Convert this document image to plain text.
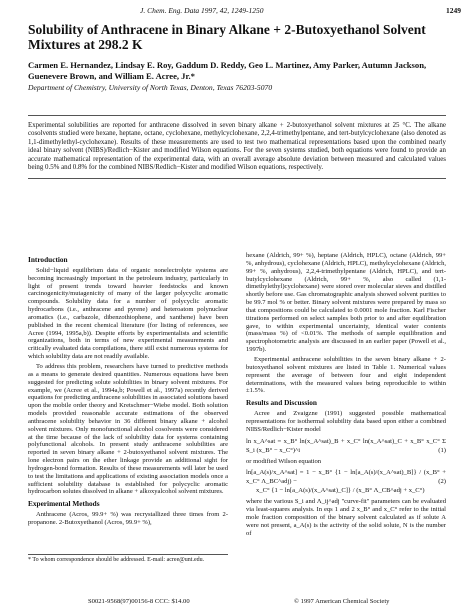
J. Chem. Eng. Data 1997, 42, 1249-1250	1249
Solubility of Anthracene in Binary Alkane + 2-Butoxyethanol Solvent Mixtures at 298.2 K
Carmen E. Hernandez, Lindsay E. Roy, Gaddum D. Reddy, Geo L. Martinez, Amy Parker, Autumn Jackson, Guenevere Brown, and William E. Acree, Jr.*
Department of Chemistry, University of North Texas, Denton, Texas 76203-5070
Experimental solubilities are reported for anthracene dissolved in seven binary alkane + 2-butoxyethanol solvent mixtures at 25 °C. The alkane cosolvents studied were hexane, heptane, octane, cyclohexane, methylcyclohexane, 2,2,4-trimethylpentane, and tert-butylcyclohexane (also denoted as 1,1-dimethylethyl-cyclohexane). Results of these measurements are used to test two mathematical representations based upon the combined nearly ideal binary solvent (NIBS)/Redlich−Kister and modified Wilson equations. For the seven systems studied, both equations were found to provide an accurate mathematical representation of the experimental data, with an overall average absolute deviation between measured and calculated values being 0.5% and 0.8% for the combined NIBS/Redlich−Kister and modified Wilson equations, respectively.
Introduction

Solid−liquid equilibrium data of organic nonelectrolyte systems are becoming increasingly important in the petroleum industry, particularly in light of present trends toward heavier feedstocks and known carcinogenicity/mutagenicity of many of the larger polycyclic aromatic compounds. Solubility data for a number of polycyclic aromatic hydrocarbons (i.e., anthracene and pyrene) and heteroatom polynuclear aromatics (i.e., carbazole, dibenzothiophene, and xanthene) have been published in the recent chemical literature (for listing of references, see Acree (1994, 1995a,b)). Despite efforts by experimentalists and scientific organizations, both in terms of new experimental measurements and critically evaluated data compilations, there still exist numerous systems for which solubility data are not readily available.

To address this problem, researchers have turned to predictive methods as a means to generate desired quantities. Numerous equations have been suggested for predicting solute solubilities in binary solvent mixtures. For example, we (Acree et al., 1994a,b; Powell et al., 1997a) recently derived equations for predicting anthracene solubilities in associated solutions based upon the mobile order theory and Kretschmer−Wiebe model. Both solution models provided reasonable accurate estimations of the observed anthracene solubility behavior in 36 different binary alkane + alcohol solvent mixtures. Only monofunctional alcohol cosolvents were considered at the time because of the lack of solubility data for systems containing polyfunctional alcohols. In present study anthracene solubilities are reported in seven binary alkane + 2-butoxyethanol solvent mixtures. The lone electron pairs on the ether linkage provide an additional sight for hydrogen-bond formation. Results of these measurements will later be used to test the limitations and applications of existing association models once a sufficient solubility database is established for polycyclic aromatic hydrocarbon solutes dissolved in alkane + alkoxyalcohol solvent mixtures.

Experimental Methods

Anthracene (Acros, 99.9+ %) was recrystallized three times from 2-propanone. 2-Butoxyethanol (Acros, 99.9+ %),

* To whom correspondence should be addressed. E-mail: acree@unt.edu.

hexane (Aldrich, 99+ %), heptane (Aldrich, HPLC), octane (Aldrich, 99+ %, anhydrous), cyclohexane (Aldrich, HPLC), methylcyclohexane (Aldrich, 99+ %, anhydrous), 2,2,4-trimethylpentane (Aldrich, HPLC), and tert-butylcyclohexane (Aldrich, 99+ %, also called (1,1-dimethylethyl)cyclohexane) were stored over molecular sieves and distilled shortly before use. Gas chromatographic analysis showed solvent purities to be 99.7 mol % or better. Binary solvent mixtures were prepared by mass so that compositions could be calculated to 0.0001 mole fraction. Karl Fischer titrations performed on select samples both prior to and after equilibration gave, to within experimental uncertainty, identical water contents (mass/mass %) of <0.01%. The methods of sample equilibration and spectrophotometric analysis are discussed in an earlier paper (Powell et al., 1997b).

Experimental anthracene solubilities in the seven binary alkane + 2-butoxyethanol solvent mixtures are listed in Table 1. Numerical values represent the average of between four and eight independent determinations, with the measured values being reproducible to within ±1.5%.

Results and Discussion

Acree and Zvaigzne (1991) suggested possible mathematical representations for isothermal solubility data based upon either a combined NIBS/Redlich−Kister model

ln x_A^sat = x_B° ln(x_A^sat)_B + x_C° ln(x_A^sat)_C + x_B° x_C° Σ S_i (x_B° − x_C°)^i	(1)

or modified Wilson equation

ln[a_A(s)/x_A^sat] = 1 − x_B° {1 − ln[a_A(s)/(x_A^sat)_B]} / (x_B° + x_C° Λ_BC^adj) −
x_C° {1 − ln[a_A(s)/(x_A^sat)_C]} / (x_B° Λ_CB^adj + x_C°)
(2)

where the various S_i and Λ_ij^adj "curve-fit" parameters can be evaluated via least-squares analysis. In eqs 1 and 2 x_B° and x_C° refer to the initial mole fraction composition of the binary solvent calculated as if solute A were not present, a_A(s) is the activity of the solid solute, N is the number of

S0021-9568(97)00156-8 CCC: $14.00	© 1997 American Chemical Society
